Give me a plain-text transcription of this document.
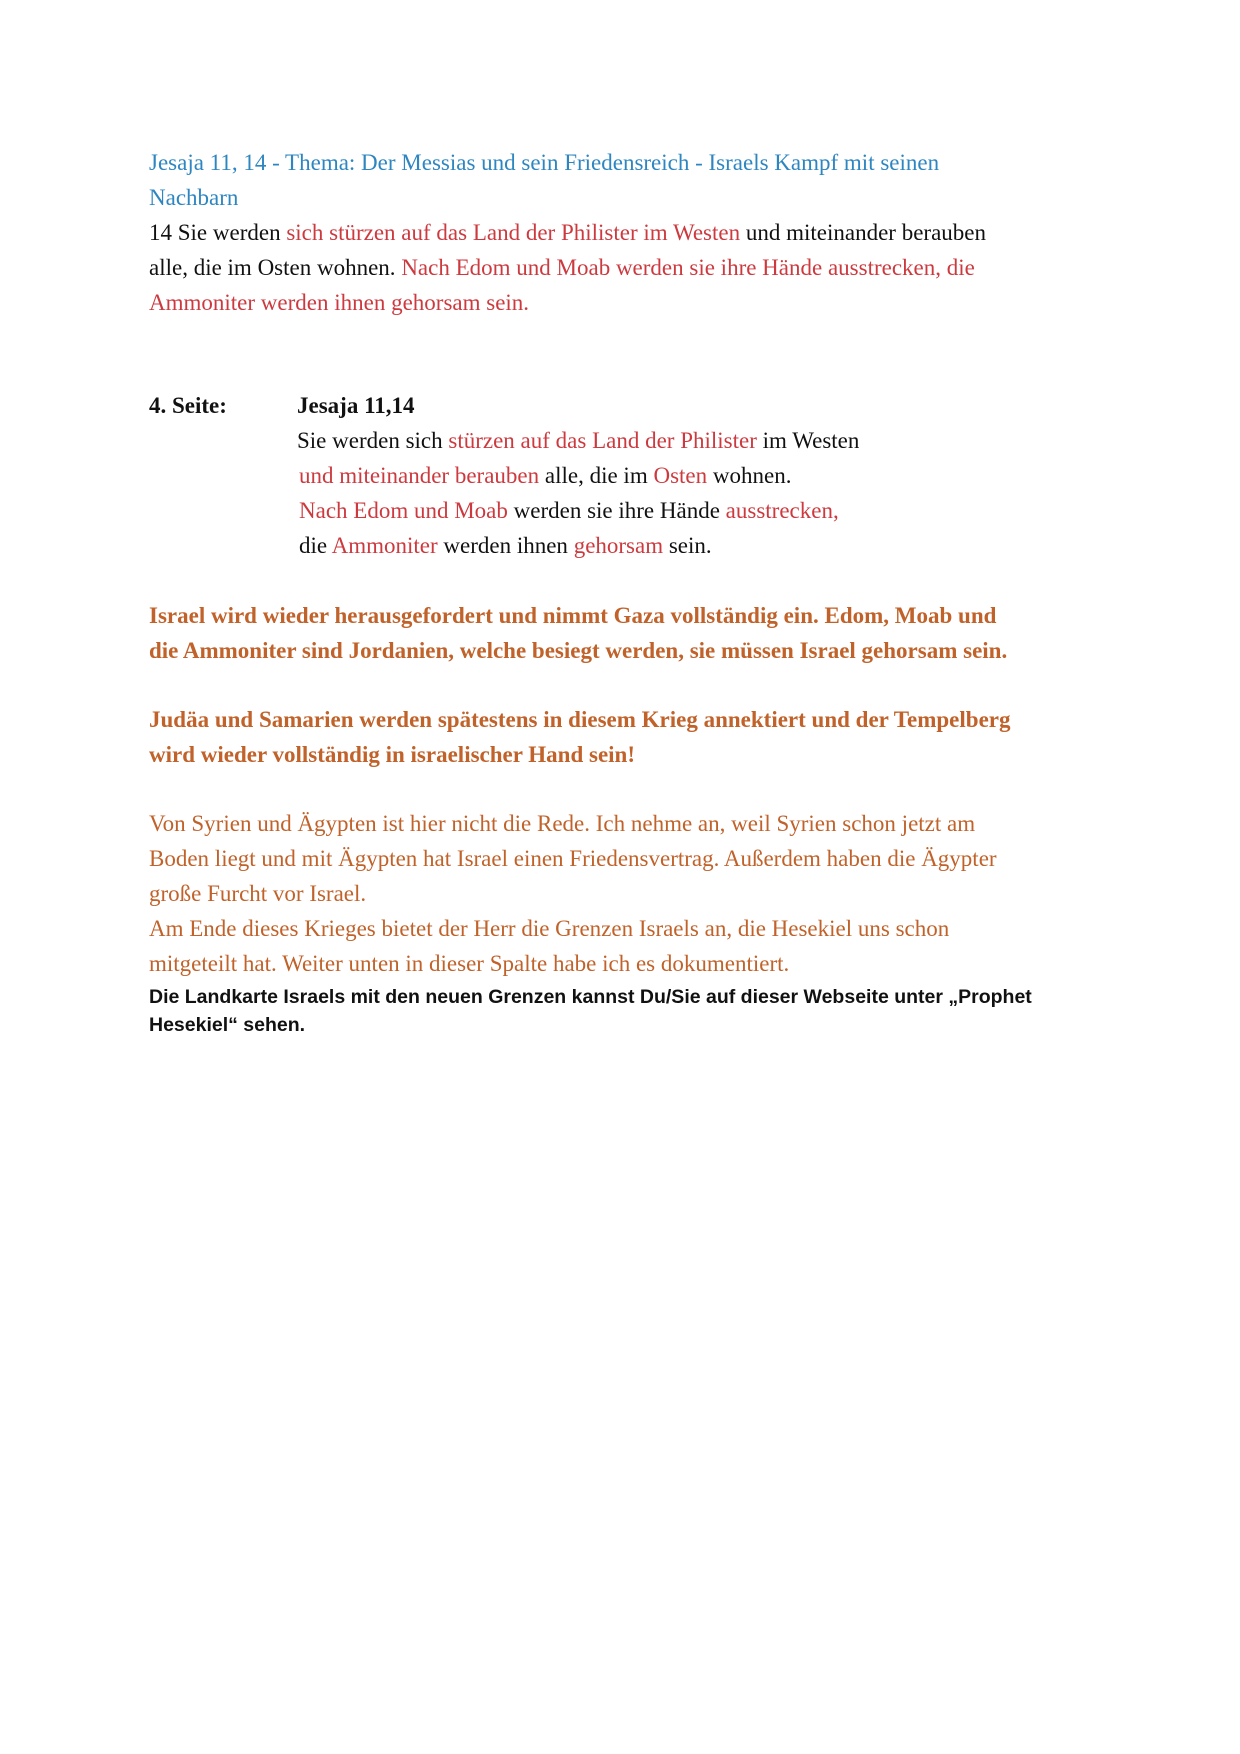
Jesaja 11, 14 - Thema: Der Messias und sein Friedensreich - Israels Kampf mit seinen
Nachbarn
14 Sie werden sich stürzen auf das Land der Philister im Westen und miteinander berauben
alle, die im Osten wohnen. Nach Edom und Moab werden sie ihre Hände ausstrecken, die
Ammoniter werden ihnen gehorsam sein.
4. Seite:	Jesaja 11,14
Sie werden sich stürzen auf das Land der Philister im Westen
und miteinander berauben alle, die im Osten wohnen.
Nach Edom und Moab werden sie ihre Hände ausstrecken,
die Ammoniter werden ihnen gehorsam sein.
Israel wird wieder herausgefordert und nimmt Gaza vollständig ein. Edom, Moab und
die Ammoniter sind Jordanien, welche besiegt werden, sie müssen Israel gehorsam sein.
Judäa und Samarien werden spätestens in diesem Krieg annektiert und der Tempelberg
wird wieder vollständig in israelischer Hand sein!
Von Syrien und Ägypten ist hier nicht die Rede. Ich nehme an, weil Syrien schon jetzt am
Boden liegt und mit Ägypten hat Israel einen Friedensvertrag. Außerdem haben die Ägypter
große Furcht vor Israel.
Am Ende dieses Krieges bietet der Herr die Grenzen Israels an, die Hesekiel uns schon
mitgeteilt hat. Weiter unten in dieser Spalte habe ich es dokumentiert.
Die Landkarte Israels mit den neuen Grenzen kannst Du/Sie auf dieser Webseite unter „Prophet
Hesekiel“ sehen.
